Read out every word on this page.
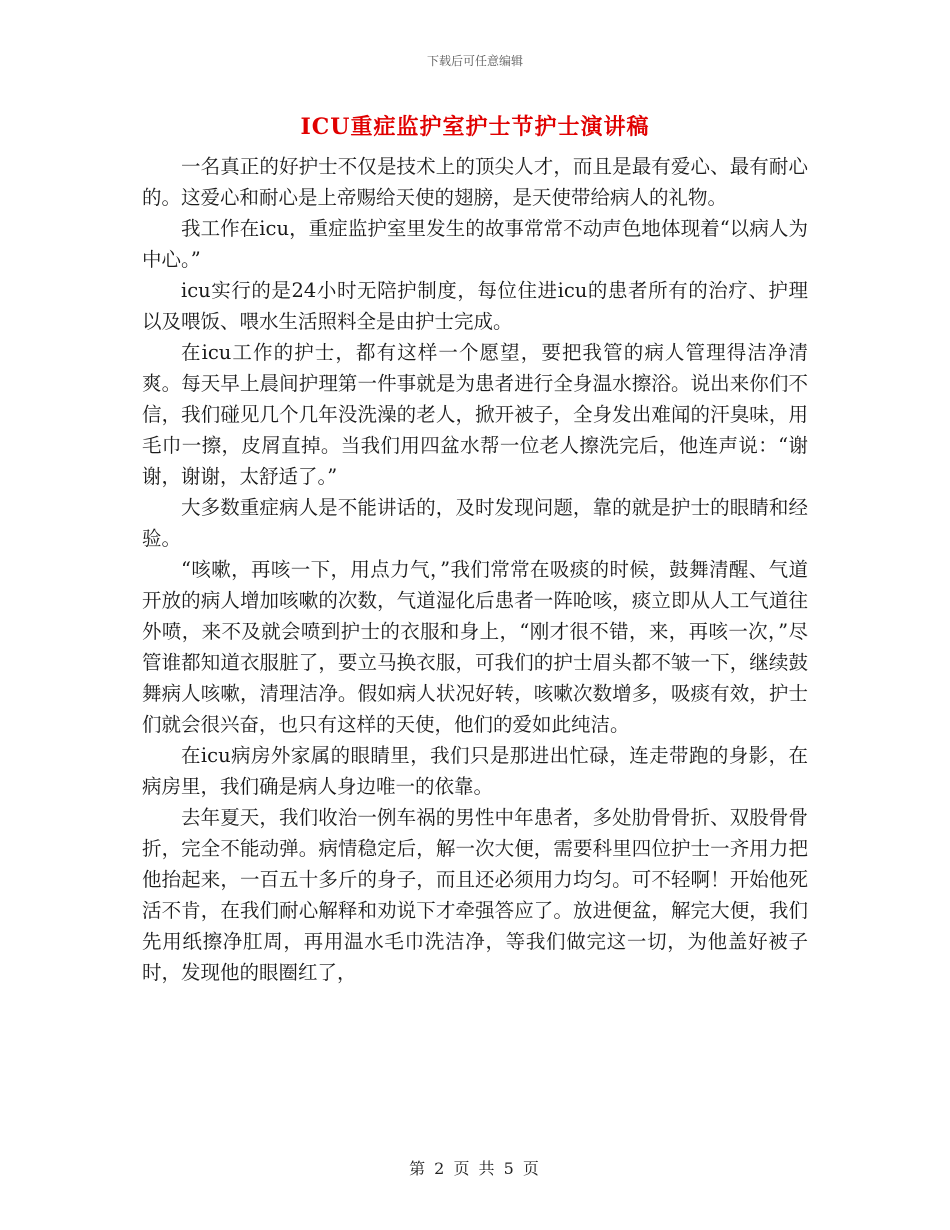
下载后可任意编辑
ICU重症监护室护士节护士演讲稿

一名真正的好护士不仅是技术上的顶尖人才，而且是最有爱心、最有耐心的。这爱心和耐心是上帝赐给天使的翅膀，是天使带给病人的礼物。

我工作在icu，重症监护室里发生的故事常常不动声色地体现着“以病人为中心。”

icu实行的是24小时无陪护制度，每位住进icu的患者所有的治疗、护理以及喂饭、喂水生活照料全是由护士完成。

在icu工作的护士，都有这样一个愿望，要把我管的病人管理得洁净清爽。每天早上晨间护理第一件事就是为患者进行全身温水擦浴。说出来你们不信，我们碰见几个几年没洗澡的老人，掀开被子，全身发出难闻的汗臭味，用毛巾一擦，皮屑直掉。当我们用四盆水帮一位老人擦洗完后，他连声说：“谢谢，谢谢，太舒适了。”

大多数重症病人是不能讲话的，及时发现问题，靠的就是护士的眼睛和经验。

“咳嗽，再咳一下，用点力气，”我们常常在吸痰的时候，鼓舞清醒、气道开放的病人增加咳嗽的次数，气道湿化后患者一阵呛咳，痰立即从人工气道往外喷，来不及就会喷到护士的衣服和身上，“刚才很不错，来，再咳一次，”尽管谁都知道衣服脏了，要立马换衣服，可我们的护士眉头都不皱一下，继续鼓舞病人咳嗽，清理洁净。假如病人状况好转，咳嗽次数增多，吸痰有效，护士们就会很兴奋，也只有这样的天使，他们的爱如此纯洁。

在icu病房外家属的眼睛里，我们只是那进出忙碌，连走带跑的身影，在病房里，我们确是病人身边唯一的依靠。

去年夏天，我们收治一例车祸的男性中年患者，多处肋骨骨折、双股骨骨折，完全不能动弹。病情稳定后，解一次大便，需要科里四位护士一齐用力把他抬起来，一百五十多斤的身子，而且还必须用力均匀。可不轻啊！开始他死活不肯，在我们耐心解释和劝说下才牵强答应了。放进便盆，解完大便，我们先用纸擦净肛周，再用温水毛巾洗洁净，等我们做完这一切，为他盖好被子时，发现他的眼圈红了，

第 2 页 共 5 页
